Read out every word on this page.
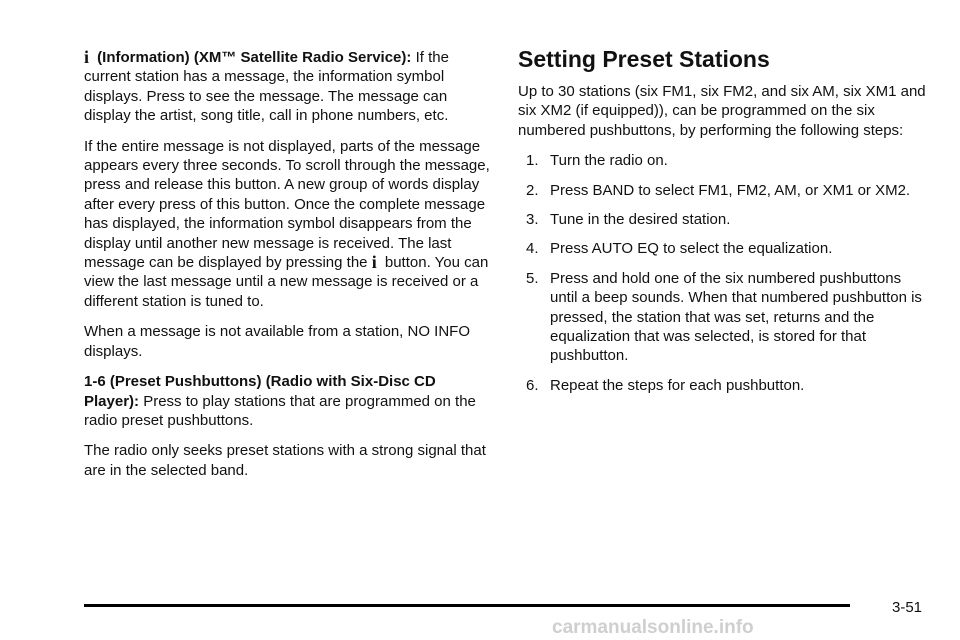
i (Information) (XM™ Satellite Radio Service): If the current station has a message, the information symbol displays. Press to see the message. The message can display the artist, song title, call in phone numbers, etc.

If the entire message is not displayed, parts of the message appears every three seconds. To scroll through the message, press and release this button. A new group of words display after every press of this button. Once the complete message has displayed, the information symbol disappears from the display until another new message is received. The last message can be displayed by pressing the i button. You can view the last message until a new message is received or a different station is tuned to.

When a message is not available from a station, NO INFO displays.

1-6 (Preset Pushbuttons) (Radio with Six-Disc CD Player): Press to play stations that are programmed on the radio preset pushbuttons.

The radio only seeks preset stations with a strong signal that are in the selected band.

Setting Preset Stations

Up to 30 stations (six FM1, six FM2, and six AM, six XM1 and six XM2 (if equipped)), can be programmed on the six numbered pushbuttons, by performing the following steps:

1. Turn the radio on.
2. Press BAND to select FM1, FM2, AM, or XM1 or XM2.
3. Tune in the desired station.
4. Press AUTO EQ to select the equalization.
5. Press and hold one of the six numbered pushbuttons until a beep sounds. When that numbered pushbutton is pressed, the station that was set, returns and the equalization that was selected, is stored for that pushbutton.
6. Repeat the steps for each pushbutton.
3-51
carmanualsonline.info
